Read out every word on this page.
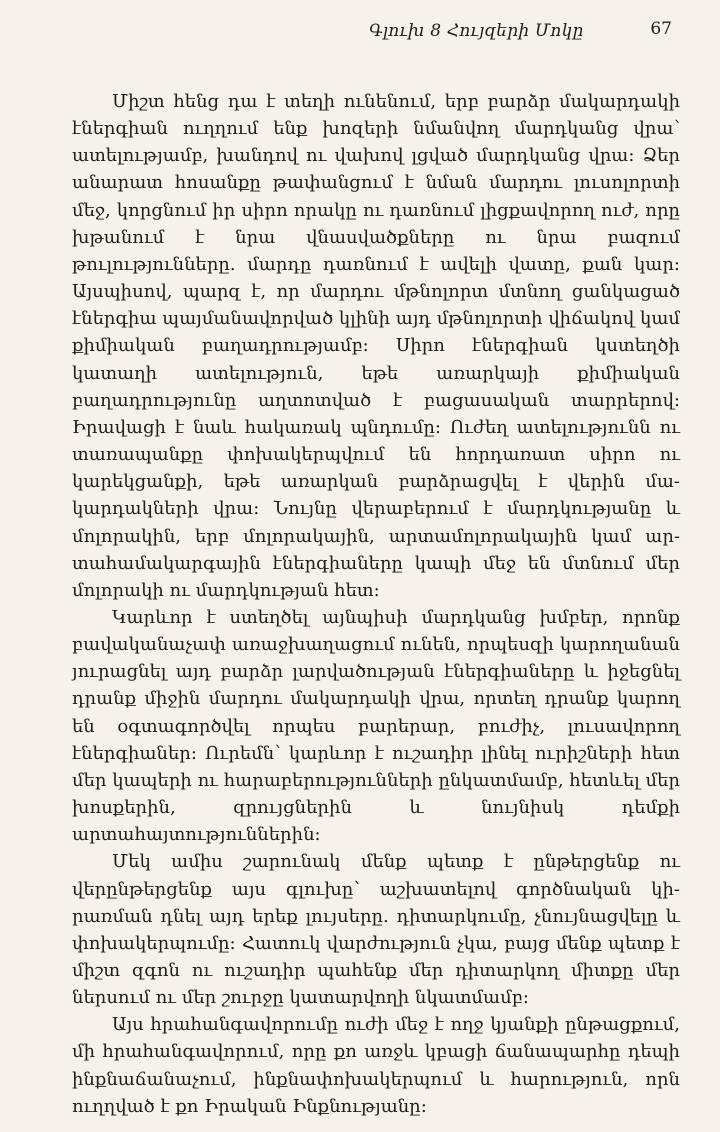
Գլուխ 8 Հույզերի Մոկը	67

Միշտ հենց դա է տեղի ունենում, երբ բարձր մակարդակի էներգիան ուղղում ենք խոզերի նմանվող մարդկանց վրա՝ ատելությամբ, խանդով ու վախով լցված մարդկանց վրա: Ձեր անարատ հոսանքը թափանցում է նման մարդու լուսոլորտի մեջ, կորցնում իր սիրո որակը ու դառնում լիցքավորող ուժ, որը խթանում է նրա վնասվածքները ու նրա բազում թուլությունները. մարդը դառնում է ավելի վատը, քան կար: Այսպիսով, պարզ է, որ մարդու մթնոլորտ մտնող ցանկացած էներգիա պայմանավորված կլինի այդ մթնոլորտի վիճակով կամ քիմիական բաղադրությամբ: Սիրո էներգիան կստեղծի կատաղի ատելություն, եթե առարկայի քիմիական բաղադրությունը աղտոտված է բացասական տարրերով: Իրավացի է նաև հակառակ պնդումը: Ուժեղ ատելությունն ու տառապանքը փոխակերպվում են հորդառատ սիրո ու կարեկցանքի, եթե առարկան բարձրացվել է վերին մակարդակների վրա: Նույնը վերաբերում է մարդկությանը և մոլորակին, երբ մոլորակային, արտամոլորակային կամ արտահամակարգային էներգիաները կապի մեջ են մտնում մեր մոլորակի ու մարդկության հետ:

Կարևոր է ստեղծել այնպիսի մարդկանց խմբեր, որոնք բավականաչափ առաջխաղացում ունեն, որպեսզի կարողանան յուրացնել այդ բարձր լարվածության էներգիաները և իջեցնել դրանք միջին մարդու մակարդակի վրա, որտեղ դրանք կարող են օգտագործվել որպես բարերար, բուժիչ, լուսավորող էներգիաներ: Ուրեմն՝ կարևոր է ուշադիր լինել ուրիշների հետ մեր կապերի ու հարաբերությունների ընկատմամբ, հետևել մեր խոսքերին, զրույցներին և նույնիսկ դեմքի արտահայտություններին:

Մեկ ամիս շարունակ մենք պետք է ընթերցենք ու վերընթերցենք այս գլուխը՝ աշխատելով գործնական կիրառման դնել այդ երեք լույսերը. դիտարկումը, չնույնացվելը և փոխակերպումը: Հատուկ վարժություն չկա, բայց մենք պետք է միշտ զգոն ու ուշադիր պահենք մեր դիտարկող միտքը մեր ներսում ու մեր շուրջը կատարվողի նկատմամբ:

Այս հրահանգավորումը ուժի մեջ է ողջ կյանքի ընթացքում, մի հրահանգավորում, որը քո առջև կբացի ճանապարհը դեպի ինքնաճանաչում, ինքնափոխակերպում և հարություն, որն ուղղված է քո Իրական Ինքնությանը:
